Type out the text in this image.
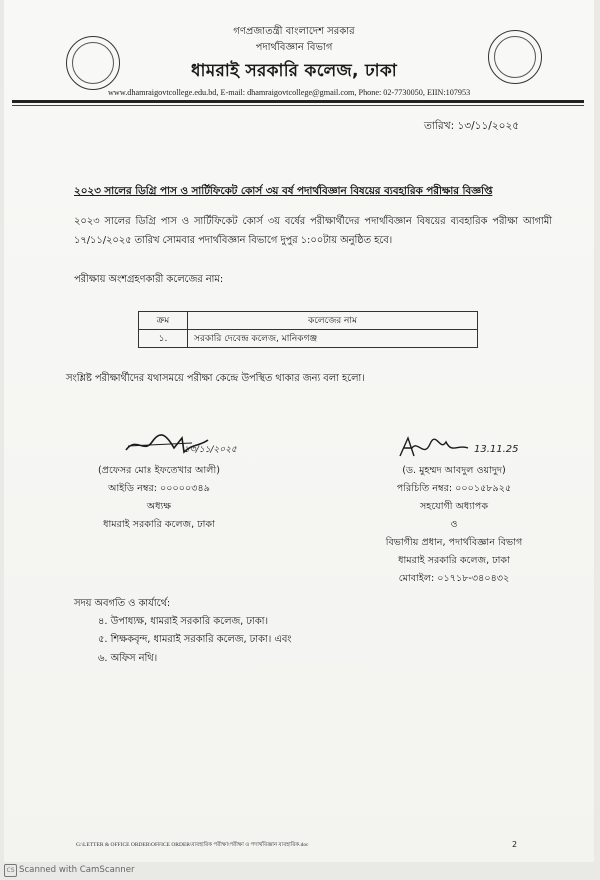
গণপ্রজাতন্ত্রী বাংলাদেশ সরকার
পদার্থবিজ্ঞান বিভাগ
ধামরাই সরকারি কলেজ, ঢাকা
www.dhamraigovtcollege.edu.bd, E-mail: dhamraigovtcollege@gmail.com, Phone: 02-7730050, EIIN:107953
তারিখ: ১৩/১১/২০২৫
২০২৩ সালের ডিগ্রি পাস ও সার্টিফিকেট কোর্স ৩য় বর্ষ পদার্থবিজ্ঞান বিষয়ের ব্যবহারিক পরীক্ষার বিজ্ঞপ্তি
২০২৩ সালের ডিগ্রি পাস ও সার্টিফিকেট কোর্স ৩য় বর্ষের পরীক্ষার্থীদের পদার্থবিজ্ঞান বিষয়ের ব্যবহারিক পরীক্ষা আগামী ১৭/১১/২০২৫ তারিখ সোমবার পদার্থবিজ্ঞান বিভাগে দুপুর ১:০০টায় অনুষ্ঠিত হবে।
পরীক্ষায় অংশগ্রহণকারী কলেজের নাম:
ক্রম	কলেজের নাম
১.	সরকারি দেবেন্দ্র কলেজ, মানিকগঞ্জ
সংশ্লিষ্ট পরীক্ষার্থীদের যথাসময়ে পরীক্ষা কেন্দ্রে উপস্থিত থাকার জন্য বলা হলো।
১৩/১১/২০২৫
(প্রফেসর মোঃ ইফতেখার আলী)
আইডি নম্বর: ০০০০০৩৪৯
অধ্যক্ষ
ধামরাই সরকারি কলেজ, ঢাকা
13.11.25
(ড. মুহম্মদ আবদুল ওয়াদুদ)
পরিচিতি নম্বর: ০০০১৫৮৯২৫
সহযোগী অধ্যাপক
ও
বিভাগীয় প্রধান, পদার্থবিজ্ঞান বিভাগ
ধামরাই সরকারি কলেজ, ঢাকা
মোবাইল: ০১৭১৮-৩৪০৪৩২
সদয় অবগতি ও কার্যার্থে:
৪. উপাধ্যক্ষ, ধামরাই সরকারি কলেজ, ঢাকা।
৫. শিক্ষকবৃন্দ, ধামরাই সরকারি কলেজ, ঢাকা। এবং
৬. অফিস নথি।
G:\LETTER & OFFICE ORDER\OFFICE ORDER\ব্যবহারিক পরীক্ষা\পরীক্ষা ও পদার্থবিজ্ঞান ব্যবহারিক.doc	2
CS Scanned with CamScanner
